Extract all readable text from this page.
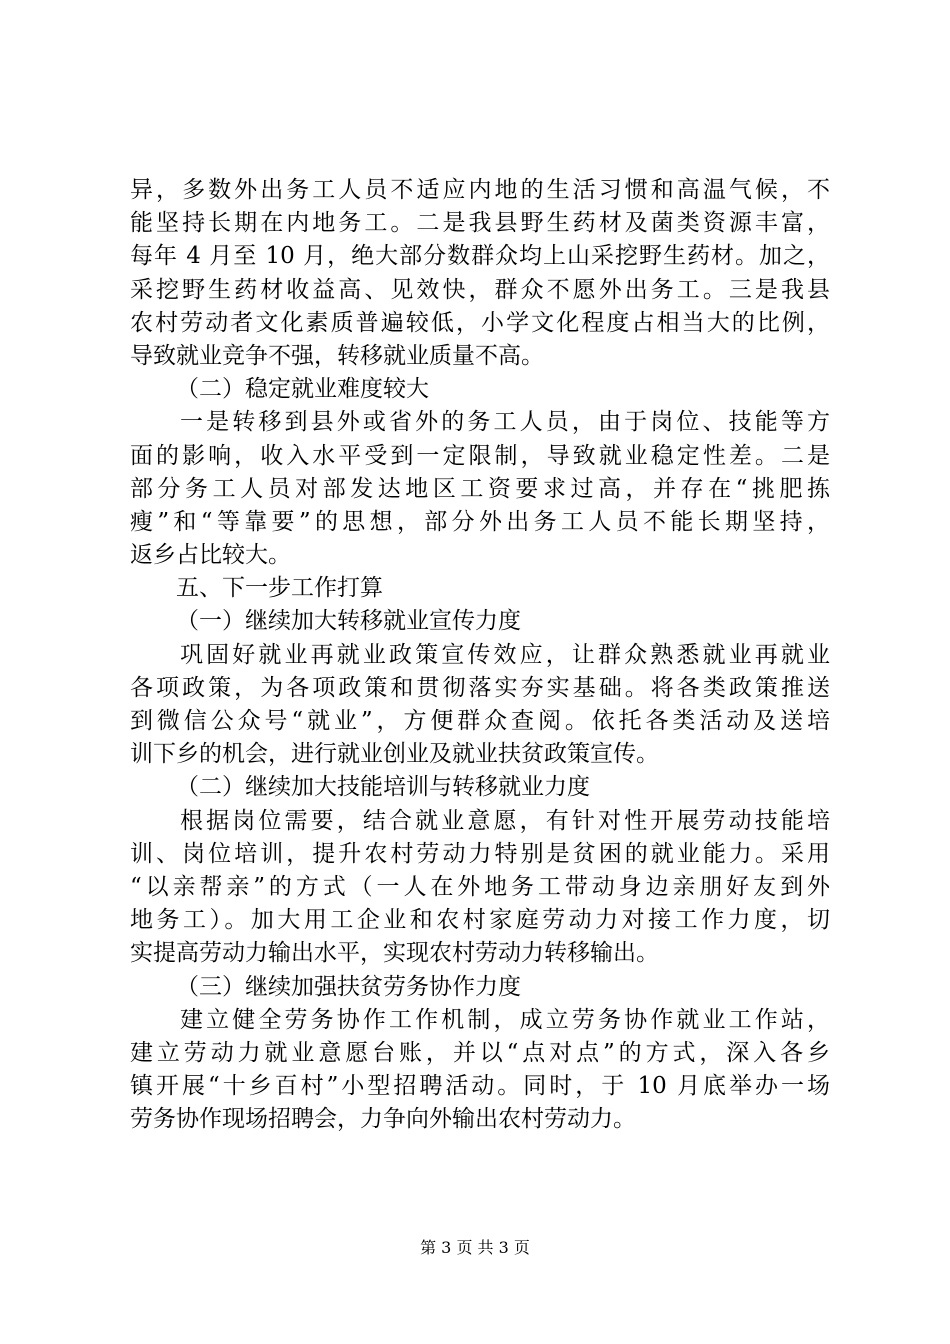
异，多数外出务工人员不适应内地的生活习惯和高温气候，不
能坚持长期在内地务工。二是我县野生药材及菌类资源丰富，
每年 4 月至 10 月，绝大部分数群众均上山采挖野生药材。加之，
采挖野生药材收益高、见效快，群众不愿外出务工。三是我县
农村劳动者文化素质普遍较低，小学文化程度占相当大的比例，
导致就业竞争不强，转移就业质量不高。
（二）稳定就业难度较大
一是转移到县外或省外的务工人员，由于岗位、技能等方
面的影响，收入水平受到一定限制，导致就业稳定性差。二是
部分务工人员对部发达地区工资要求过高，并存在“挑肥拣
瘦”和“等靠要”的思想，部分外出务工人员不能长期坚持，
返乡占比较大。
五、下一步工作打算
（一）继续加大转移就业宣传力度
巩固好就业再就业政策宣传效应，让群众熟悉就业再就业
各项政策，为各项政策和贯彻落实夯实基础。将各类政策推送
到微信公众号“就业”，方便群众查阅。依托各类活动及送培
训下乡的机会，进行就业创业及就业扶贫政策宣传。
（二）继续加大技能培训与转移就业力度
根据岗位需要，结合就业意愿，有针对性开展劳动技能培
训、岗位培训，提升农村劳动力特别是贫困的就业能力。采用
“以亲帮亲”的方式（一人在外地务工带动身边亲朋好友到外
地务工）。加大用工企业和农村家庭劳动力对接工作力度，切
实提高劳动力输出水平，实现农村劳动力转移输出。
（三）继续加强扶贫劳务协作力度
建立健全劳务协作工作机制，成立劳务协作就业工作站，
建立劳动力就业意愿台账，并以“点对点”的方式，深入各乡
镇开展“十乡百村”小型招聘活动。同时，于 10 月底举办一场
劳务协作现场招聘会，力争向外输出农村劳动力。
第 3 页 共 3 页
